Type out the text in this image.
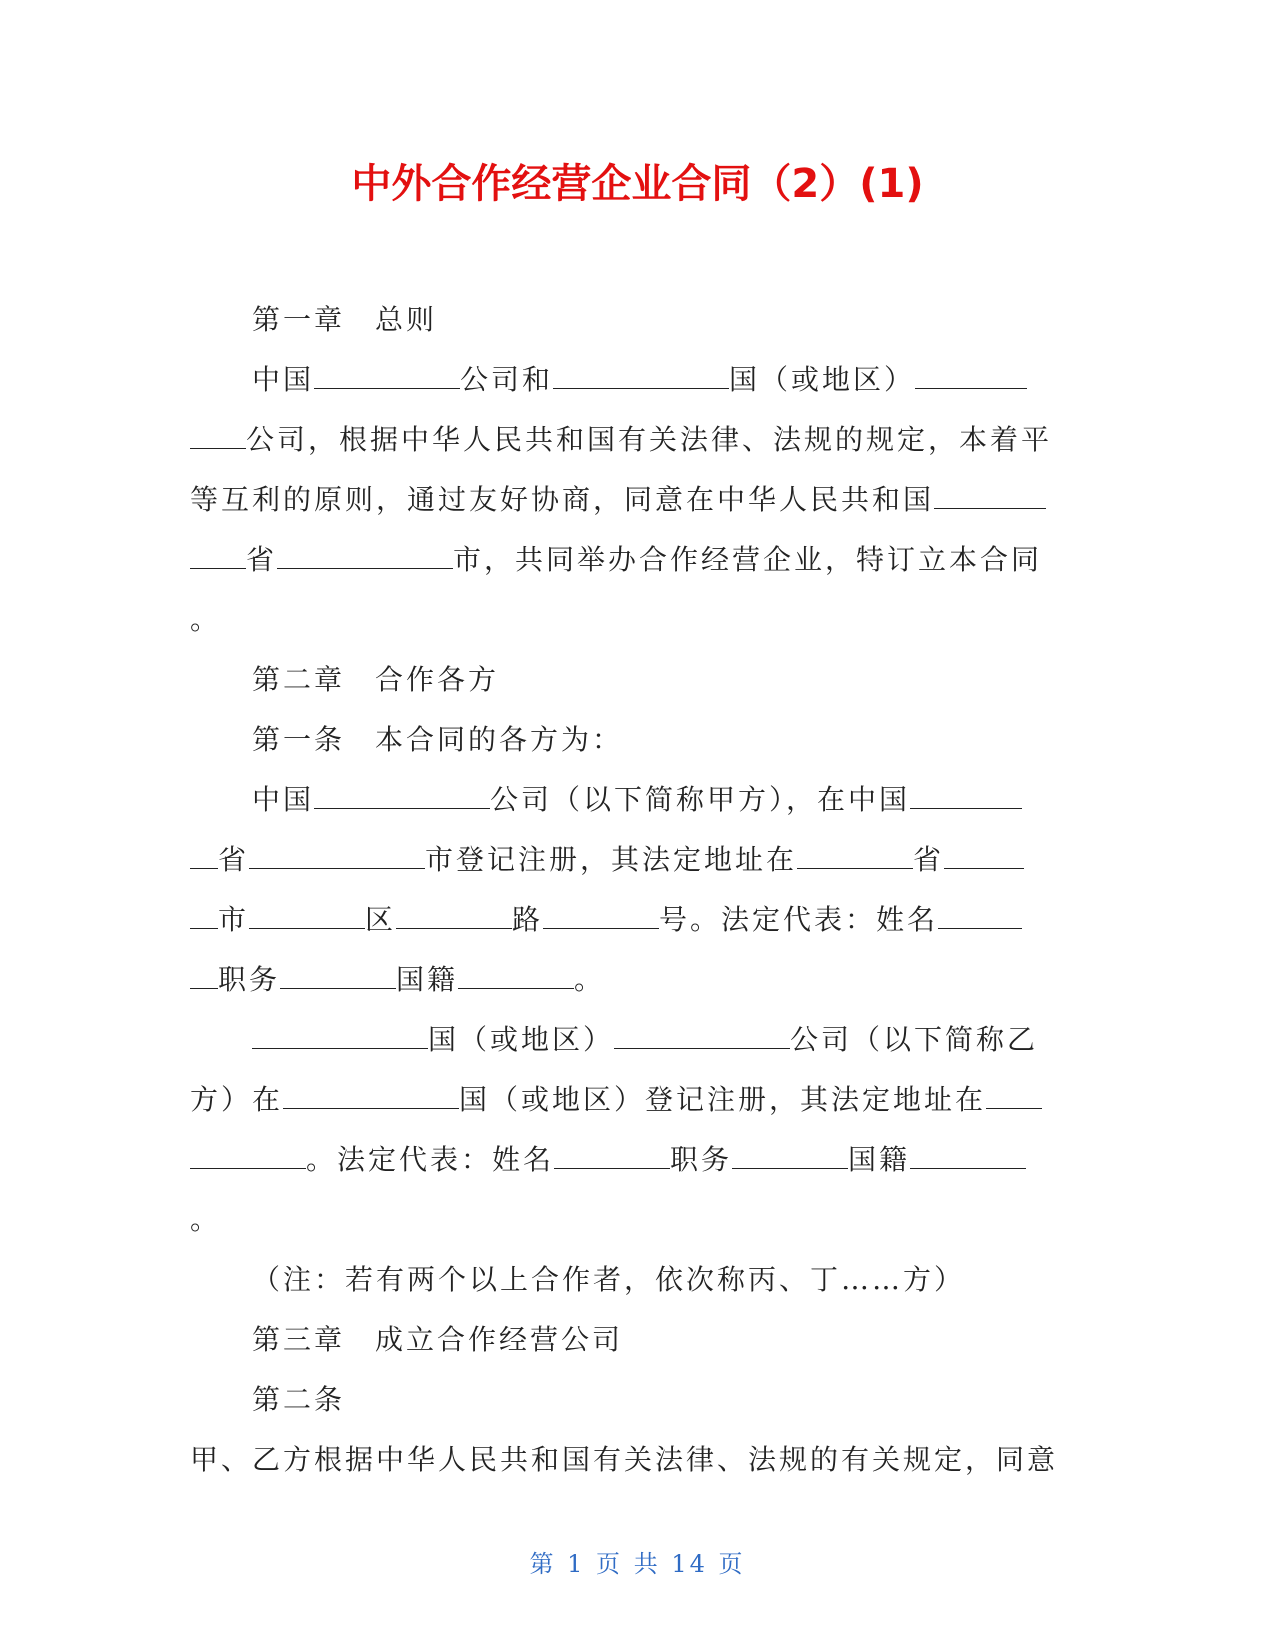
中外合作经营企业合同（2）(1)
第一章 总则
中国	公司和	国（或地区）
公司，根据中华人民共和国有关法律、法规的规定，本着平
等互利的原则，通过友好协商，同意在中华人民共和国
省	市，共同举办合作经营企业，特订立本合同
。
第二章 合作各方
第一条 本合同的各方为：
中国	公司（以下简称甲方），在中国
省	市登记注册，其法定地址在	省
市	区	路	号。法定代表：姓名
职务	国籍	。
国（或地区）	公司（以下简称乙
方）在	国（或地区）登记注册，其法定地址在
。法定代表：姓名	职务	国籍
。
（注：若有两个以上合作者，依次称丙、丁……方）
第三章 成立合作经营公司
第二条
甲、乙方根据中华人民共和国有关法律、法规的有关规定，同意
第 1 页 共 14 页
